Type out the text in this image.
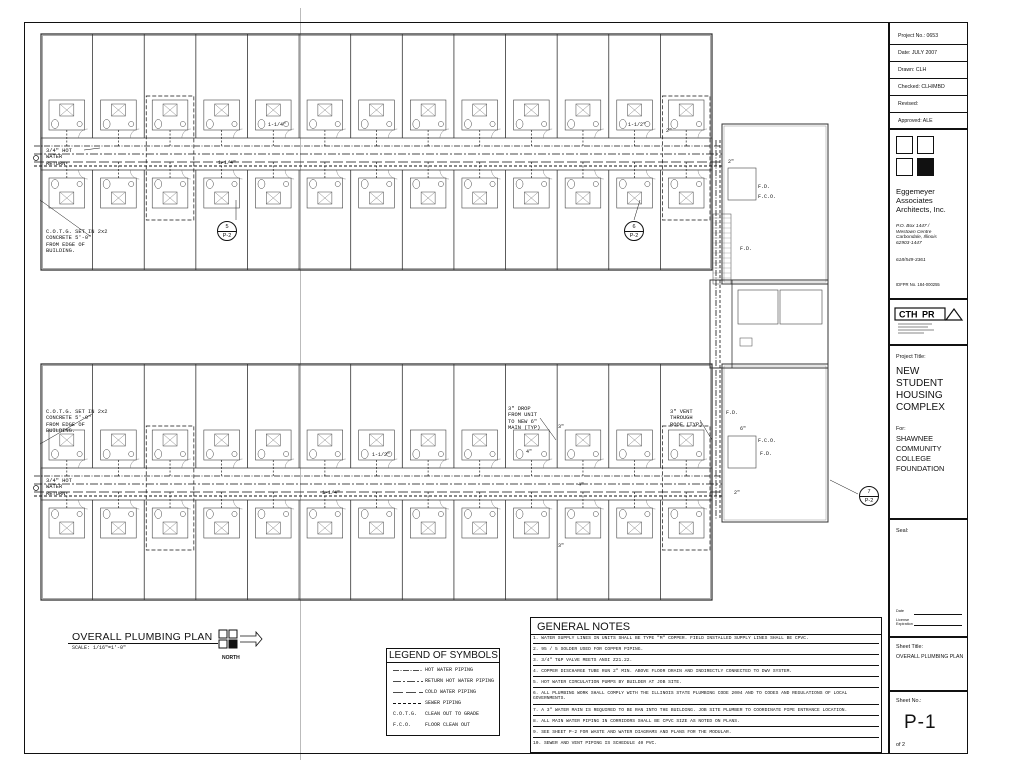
3/4" HOT
WATER
RETURN
C.O.T.G. SET IN 2x2
CONCRETE 5'-0"
FROM EDGE OF
BUILDING.
C.O.T.G. SET IN 2x2
CONCRETE 5'-0"
FROM EDGE OF
BUILDING.
3/4" HOT
WATER
RETURN
3" DROP
FROM UNIT
TO NEW 6"
MAIN (TYP)
3" VENT
THROUGH
ROOF (TYP)
F.D.
F.C.O.
F.D.
F.D.
F.C.O.
F.D.
2"
2"
6"
2"
3"
3"
4"
4"
1-1/4"	1-1/2"
1-1/2"
1-1/4"
1-1/4"
5
P-2
6
P-2
7
P-2
OVERALL PLUMBING PLAN
SCALE: 1/16"=1'-0"
NORTH	LEGEND OF SYMBOLS
HOT WATER PIPING
RETURN HOT WATER PIPING
COLD WATER PIPING
SEWER PIPING
C.O.T.G.	CLEAN OUT TO GRADE
F.C.O.	FLOOR CLEAN OUT
GENERAL NOTES
1. WATER SUPPLY LINES IN UNITS SHALL BE TYPE "M" COPPER. FIELD INSTALLED SUPPLY LINES SHALL BE CPVC.
2. 95 / 5 SOLDER USED FOR COPPER PIPING.
3. 3/4" T&P VALVE MEETS ANSI Z21.22.
4. COPPER DISCHARGE TUBE RUN 2" MIN. ABOVE FLOOR DRAIN AND INDIRECTLY CONNECTED TO DWV SYSTEM.
5. HOT WATER CIRCULATION PUMPS BY BUILDER AT JOB SITE.
6. ALL PLUMBING WORK SHALL COMPLY WITH THE ILLINOIS STATE PLUMBING CODE 2004 AND TO CODES AND REGULATIONS OF LOCAL GOVERNMENTS.
7. A 3" WATER MAIN IS REQUIRED TO BE RAN INTO THE BUILDING. JOB SITE PLUMBER TO COORDINATE PIPE ENTRANCE LOCATION.
8. ALL MAIN WATER PIPING IN CORRIDORS SHALL BE CPVC SIZE AS NOTED ON PLANS.
9. SEE SHEET P-2 FOR WASTE AND WATER DIAGRAMS AND PLANS FOR THE MODULAR.
10. SEWER AND VENT PIPING IS SCHEDULE 40 PVC.
Project No.: 0653
Date: JULY 2007
Drawn: CLH
Checked: CLH/MBD
Revised:
Approved: ALE
Eggemeyer
Associates
Architects, Inc.
P.O. Box 1447 /
Westown Centre
Carbondale, Illinois
62903-1447
618/549-3361
IDFPR No. 184-000255
CTH PR
Project Title:
NEW
STUDENT
HOUSING
COMPLEX
For:
SHAWNEE
COMMUNITY
COLLEGE
FOUNDATION
Seal:
Date
License
Expiration
Sheet Title:
OVERALL PLUMBING PLAN
Sheet No.:
P-1
of 2
